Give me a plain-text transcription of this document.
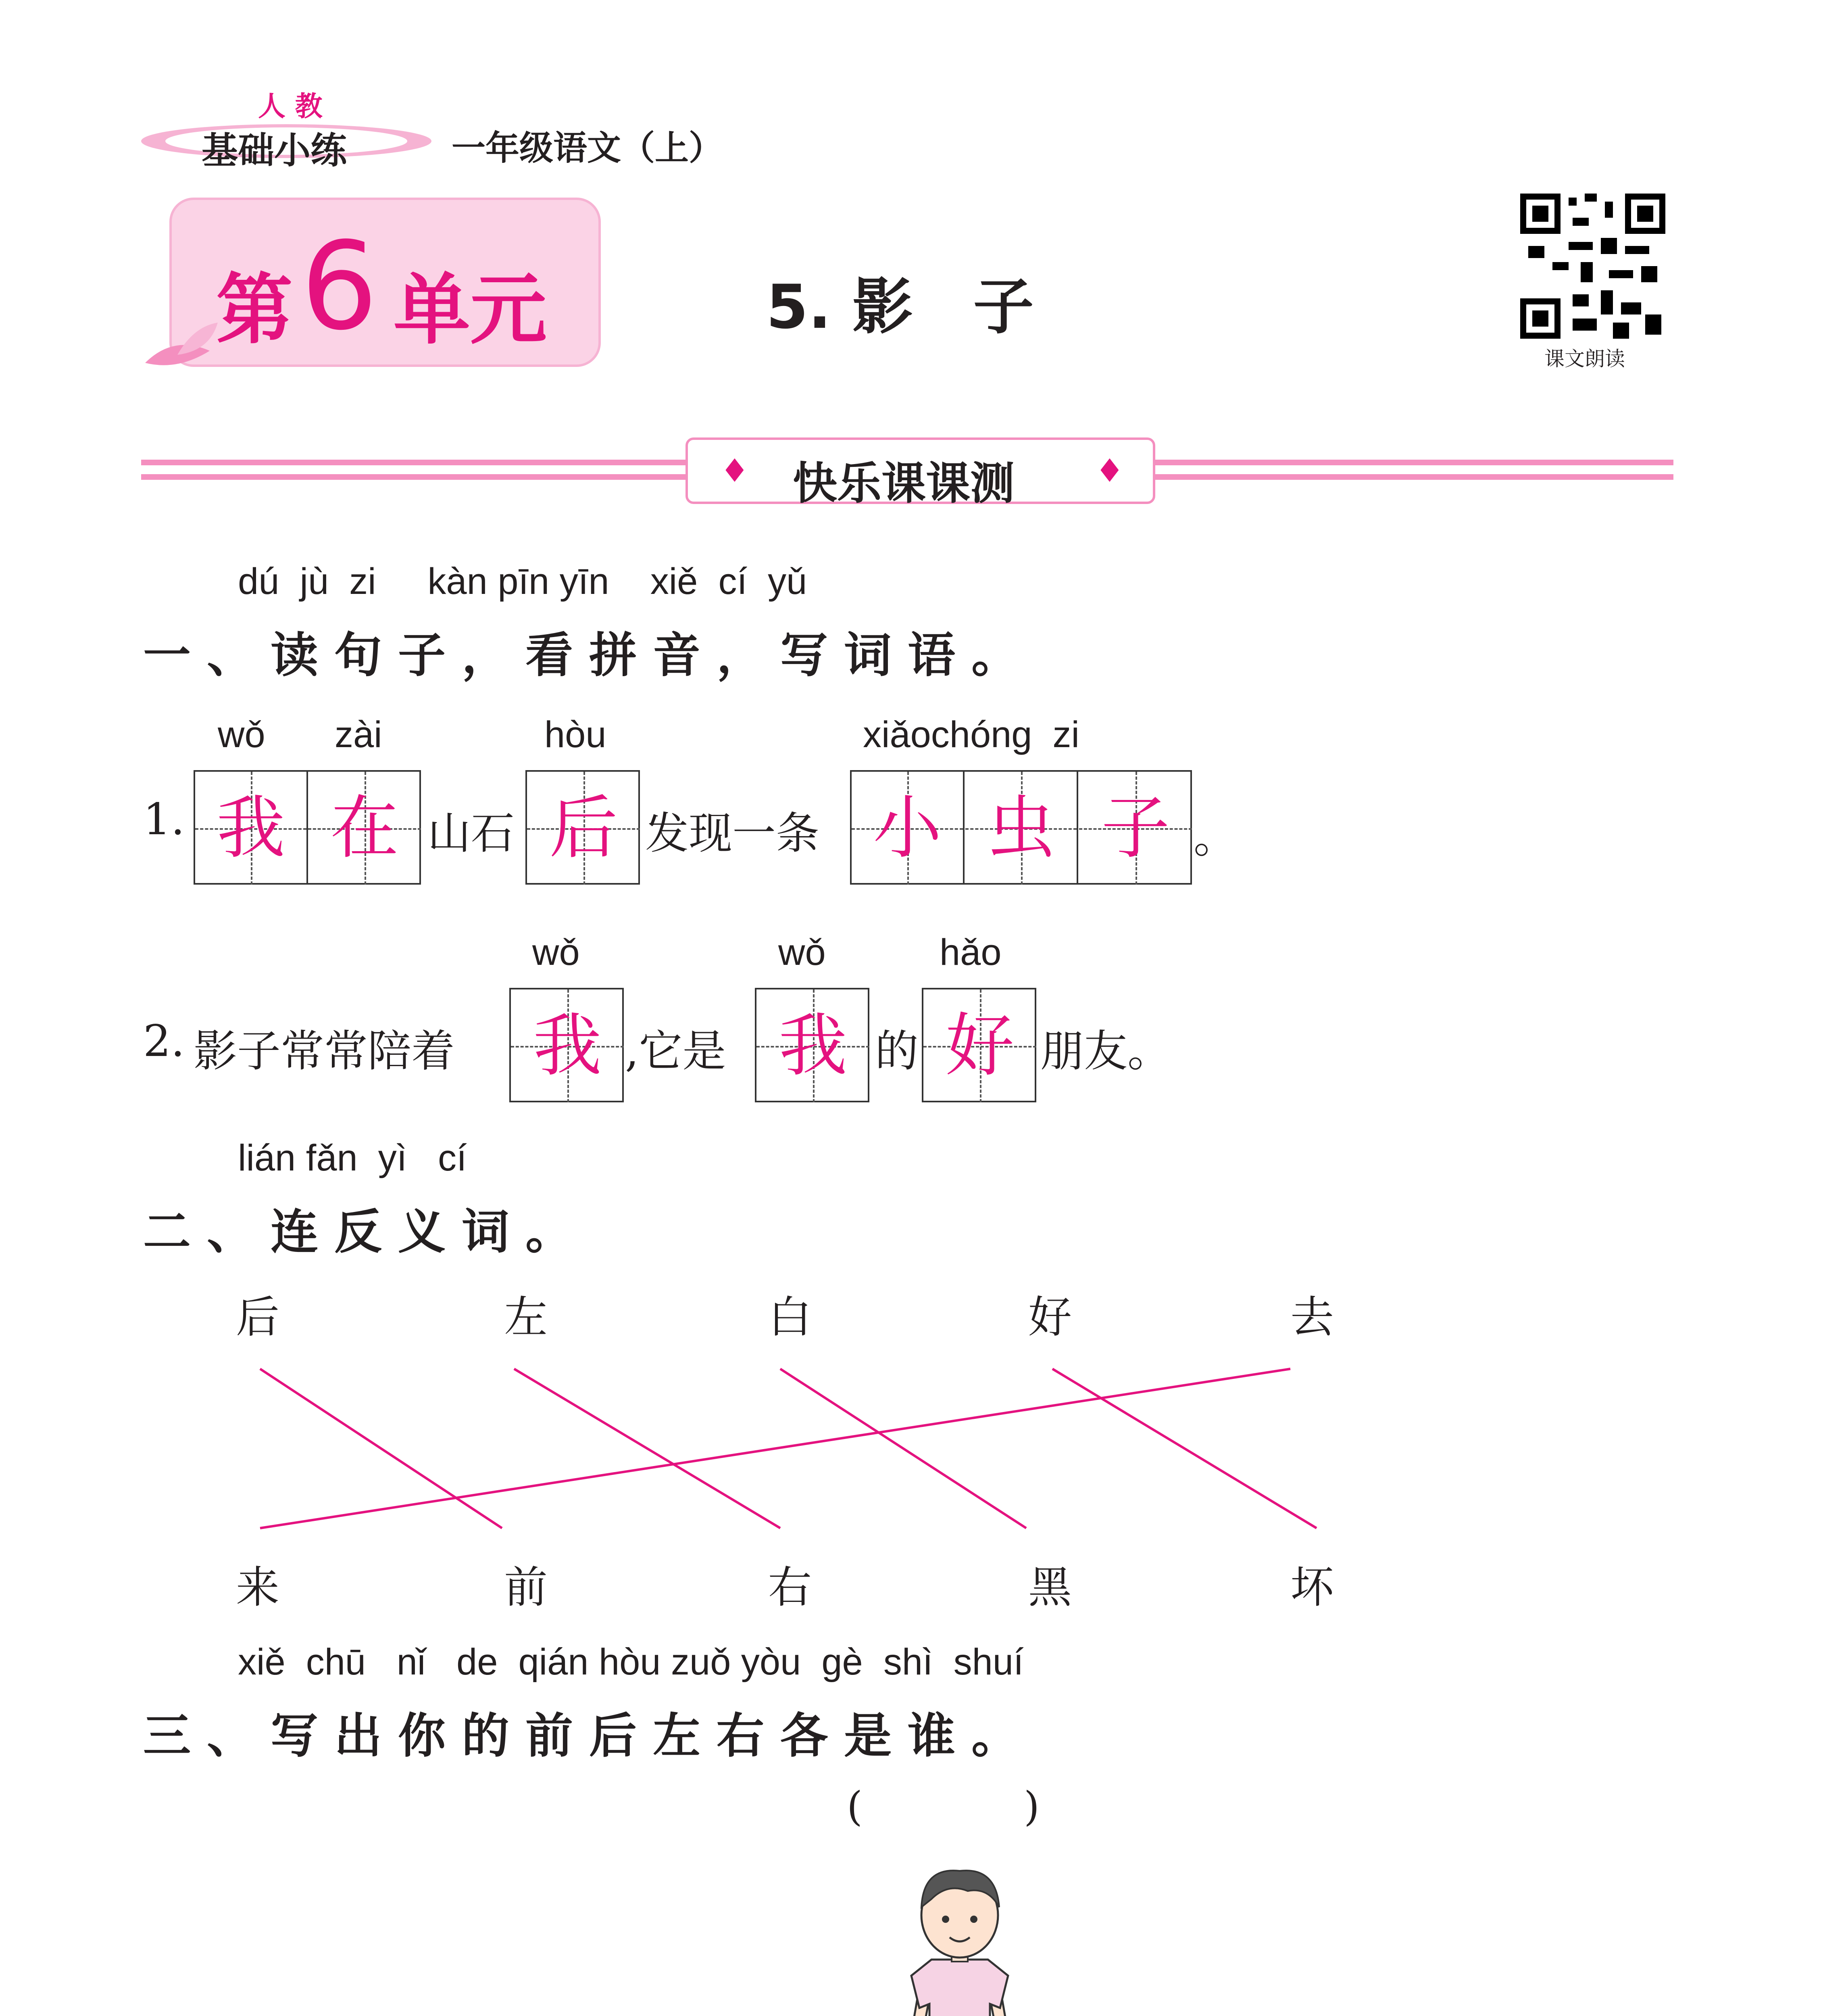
人 教
基础小练	一年级语文（上）
第 6 单元	5. 影　子
课文朗读
♦ 快乐课课测	♦
dú  jù  zi     kàn pīn yīn    xiě  cí  yǔ
一、读句子，看拼音，写词语。
wǒ zài	hòu	xiǎochóng  zi
1. 我 在 山石 后 发现一条 小 虫 子 。
wǒ	wǒ	hǎo
2. 影子常常陪着	我 ,它是 我 的 好 朋友。
lián fǎn  yì   cí
二、连反义词。
后	左	白	好	去
来	前	右	黑	坏
xiě  chū   nǐ   de  qián hòu zuǒ yòu  gè  shì  shuí
三、写出你的前后左右各是谁。
(　　　　)
